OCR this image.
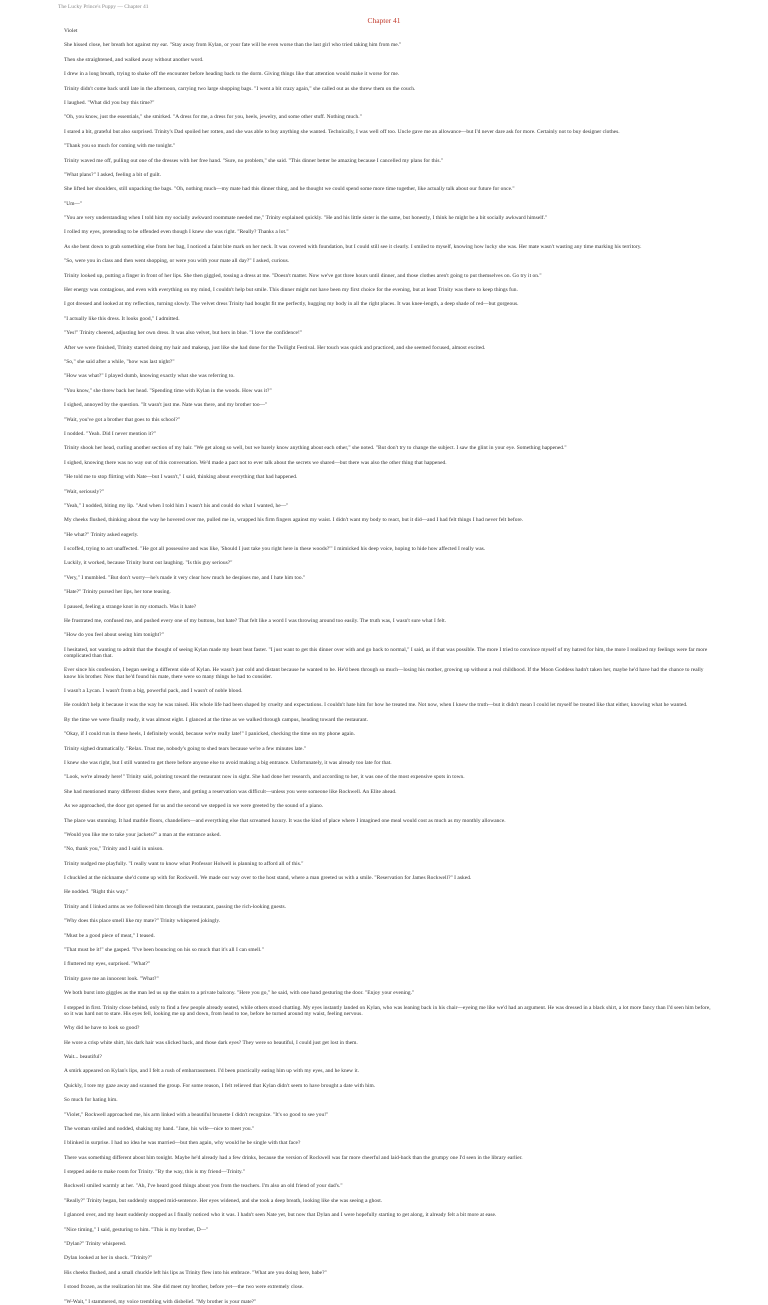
The Lucky Prince's Puppy — Chapter 41
Chapter 41

Violet

She hissed close, her breath hot against my ear. "Stay away from Kylan, or your fate will be even worse than the last girl who tried taking him from me."

Then she straightened, and walked away without another word.

I drew in a long breath, trying to shake off the encounter before heading back to the dorm. Giving things like that attention would make it worse for me.

Trinity didn't come back until late in the afternoon, carrying two large shopping bags. "I went a bit crazy again," she called out as she threw them on the couch.

I laughed. "What did you buy this time?"

"Oh, you know, just the essentials," she smirked. "A dress for me, a dress for you, heels, jewelry, and some other stuff. Nothing much."

I stared a bit, grateful but also surprised. Trinity's Dad spoiled her rotten, and she was able to buy anything she wanted. Technically, I was well off too. Uncle gave me an allowance—but I'd never dare ask for more. Certainly not to buy designer clothes.

"Thank you so much for coming with me tonight."

Trinity waved me off, pulling out one of the dresses with her free hand. "Sure, no problem," she said. "This dinner better be amazing because I cancelled my plans for this."

"What plans?" I asked, feeling a bit of guilt.

She lifted her shoulders, still unpacking the bags. "Oh, nothing much—my mate had this dinner thing, and he thought we could spend some more time together, like actually talk about our future for once."

"Um—"

"You are very understanding when I told him my socially awkward roommate needed me," Trinity explained quickly. "He and his little sister is the same, but honestly, I think he might be a bit socially awkward himself."

I rolled my eyes, pretending to be offended even though I knew she was right. "Really? Thanks a lot."

As she bent down to grab something else from her bag, I noticed a faint bite mark on her neck. It was covered with foundation, but I could still see it clearly. I smiled to myself, knowing how lucky she was. Her mate wasn't wasting any time marking his territory.

"So, were you in class and then went shopping, or were you with your mate all day?" I asked, curious.

Trinity looked up, putting a finger in front of her lips. She then giggled, tossing a dress at me. "Doesn't matter. Now we've got three hours until dinner, and those clothes aren't going to put themselves on. Go try it on."

Her energy was contagious, and even with everything on my mind, I couldn't help but smile. This dinner might not have been my first choice for the evening, but at least Trinity was there to keep things fun.

I got dressed and looked at my reflection, turning slowly. The velvet dress Trinity had bought fit me perfectly, hugging my body in all the right places. It was knee-length, a deep shade of red—but gorgeous.

"I actually like this dress. It looks good," I admitted.

"Yes!" Trinity cheered, adjusting her own dress. It was also velvet, but hers in blue. "I love the confidence!"

After we were finished, Trinity started doing my hair and makeup, just like she had done for the Twilight Festival. Her touch was quick and practiced, and she seemed focused, almost excited.

"So," she said after a while, "how was last night?"

"How was what?" I played dumb, knowing exactly what she was referring to.

"You know," she threw back her head. "Spending time with Kylan in the woods. How was it?"

I sighed, annoyed by the question. "It wasn't just me. Nate was there, and my brother too—"

"Wait, you've got a brother that goes to this school?"

I nodded. "Yeah. Did I never mention it?"

Trinity shook her head, curling another section of my hair. "We get along so well, but we barely know anything about each other," she noted. "But don't try to change the subject. I saw the glint in your eye. Something happened."

I sighed, knowing there was no way out of this conversation. We'd made a pact not to ever talk about the secrets we shared—but there was also the other thing that happened.

"He told me to stop flirting with Nate—but I wasn't," I said, thinking about everything that had happened.

"Wait, seriously?"

"Yeah," I nodded, biting my lip. "And when I told him I wasn't his and could do what I wanted, he—"

My cheeks flushed, thinking about the way he hovered over me, pulled me in, wrapped his firm fingers against my waist. I didn't want my body to react, but it did—and I had felt things I had never felt before.

"He what?" Trinity asked eagerly.

I scoffed, trying to act unaffected. "He got all possessive and was like, 'Should I just take you right here in these woods?'" I mimicked his deep voice, hoping to hide how affected I really was.

Luckily, it worked, because Trinity burst out laughing. "Is this guy serious?"

"Very," I mumbled. "But don't worry—he's made it very clear how much he despises me, and I hate him too."

"Hate?" Trinity pursed her lips, her tone teasing.

I paused, feeling a strange knot in my stomach. Was it hate?

He frustrated me, confused me, and pushed every one of my buttons, but hate? That felt like a word I was throwing around too easily. The truth was, I wasn't sure what I felt.

"How do you feel about seeing him tonight?"

I hesitated, not wanting to admit that the thought of seeing Kylan made my heart beat faster. "I just want to get this dinner over with and go back to normal," I said, as if that was possible. The more I tried to convince myself of my hatred for him, the more I realized my feelings were far more complicated than that.

Ever since his confession, I began seeing a different side of Kylan. He wasn't just cold and distant because he wanted to be. He'd been through so much—losing his mother, growing up without a real childhood. If the Moon Goddess hadn't taken her, maybe he'd have had the chance to really know his brother. Now that he'd found his mate, there were so many things he had to consider.

I wasn't a Lycan. I wasn't from a big, powerful pack, and I wasn't of noble blood.

He couldn't help it because it was the way he was raised. His whole life had been shaped by cruelty and expectations. I couldn't hate him for how he treated me. Not now, when I knew the truth—but it didn't mean I could let myself be treated like that either, knowing what he wanted.

By the time we were finally ready, it was almost eight. I glanced at the time as we walked through campus, heading toward the restaurant.

"Okay, if I could run in these heels, I definitely would, because we're really late!" I panicked, checking the time on my phone again.

Trinity sighed dramatically. "Relax. Trust me, nobody's going to shed tears because we're a few minutes late."

I knew she was right, but I still wanted to get there before anyone else to avoid making a big entrance. Unfortunately, it was already too late for that.

"Look, we're already here!" Trinity said, pointing toward the restaurant now in sight. She had done her research, and according to her, it was one of the most expensive spots in town.

She had mentioned many different dishes were there, and getting a reservation was difficult—unless you were someone like Rockwell. An Elite ahead.

As we approached, the door got opened for us and the second we stepped in we were greeted by the sound of a piano.

The place was stunning. It had marble floors, chandeliers—and everything else that screamed luxury. It was the kind of place where I imagined one meal would cost as much as my monthly allowance.

"Would you like me to take your jackets?" a man at the entrance asked.

"No, thank you," Trinity and I said in unison.

Trinity nudged me playfully. "I really want to know what Professor Holwell is planning to afford all of this."

I chuckled at the nickname she'd come up with for Rockwell. We made our way over to the host stand, where a man greeted us with a smile. "Reservation for James Rockwell?" I asked.

He nodded. "Right this way."

Trinity and I linked arms as we followed him through the restaurant, passing the rich-looking guests.

"Why does this place smell like my mate?" Trinity whispered jokingly.

"Must be a good piece of meat," I teased.

"That must be it!" she gasped. "I've been bouncing on his so much that it's all I can smell."

I fluttered my eyes, surprised. "What?"

Trinity gave me an innocent look. "What?"

We both burst into giggles as the man led us up the stairs to a private balcony. "Here you go," he said, with one hand gesturing the door. "Enjoy your evening."

I stepped in first. Trinity close behind, only to find a few people already seated, while others stood chatting. My eyes instantly landed on Kylan, who was leaning back in his chair—eyeing me like we'd had an argument. He was dressed in a black shirt, a lot more fancy than I'd seen him before, so it was hard not to stare. His eyes fell, looking me up and down, from head to toe, before he turned around my waist, feeling nervous.

Why did he have to look so good?

He wore a crisp white shirt, his dark hair was slicked back, and those dark eyes? They were so beautiful, I could just get lost in them.

Wait... beautiful?

A smirk appeared on Kylan's lips, and I felt a rush of embarrassment. I'd been practically eating him up with my eyes, and he knew it.

Quickly, I tore my gaze away and scanned the group. For some reason, I felt relieved that Kylan didn't seem to have brought a date with him.

So much for hating him.

"Violet," Rockwell approached me, his arm linked with a beautiful brunette I didn't recognize. "It's so good to see you!"

The woman smiled and nodded, shaking my hand. "Jane, his wife—nice to meet you."

I blinked in surprise. I had no idea he was married—but then again, why would he be single with that face?

There was something different about him tonight. Maybe he'd already had a few drinks, because the version of Rockwell was far more cheerful and laid-back than the grumpy one I'd seen in the library earlier.

I stepped aside to make room for Trinity. "By the way, this is my friend—Trinity."

Rockwell smiled warmly at her. "Ah, I've heard good things about you from the teachers. I'm also an old friend of your dad's."

"Really?" Trinity began, but suddenly stopped mid-sentence. Her eyes widened, and she took a deep breath, looking like she was seeing a ghost.

I glanced over, and my heart suddenly stopped as I finally noticed who it was. I hadn't seen Nate yet, but now that Dylan and I were hopefully starting to get along, it already felt a bit more at ease.

"Nice timing," I said, gesturing to him. "This is my brother, D—"

"Dylan?" Trinity whispered.

Dylan looked at her in shock. "Trinity?"

His cheeks flushed, and a small chuckle left his lips as Trinity flew into his embrace. "What are you doing here, babe?"

I stood frozen, as the realization hit me. She did meet my brother, before yet—the two were extremely close.

"W-Wait," I stammered, my voice trembling with disbelief. "My brother is your mate?"
